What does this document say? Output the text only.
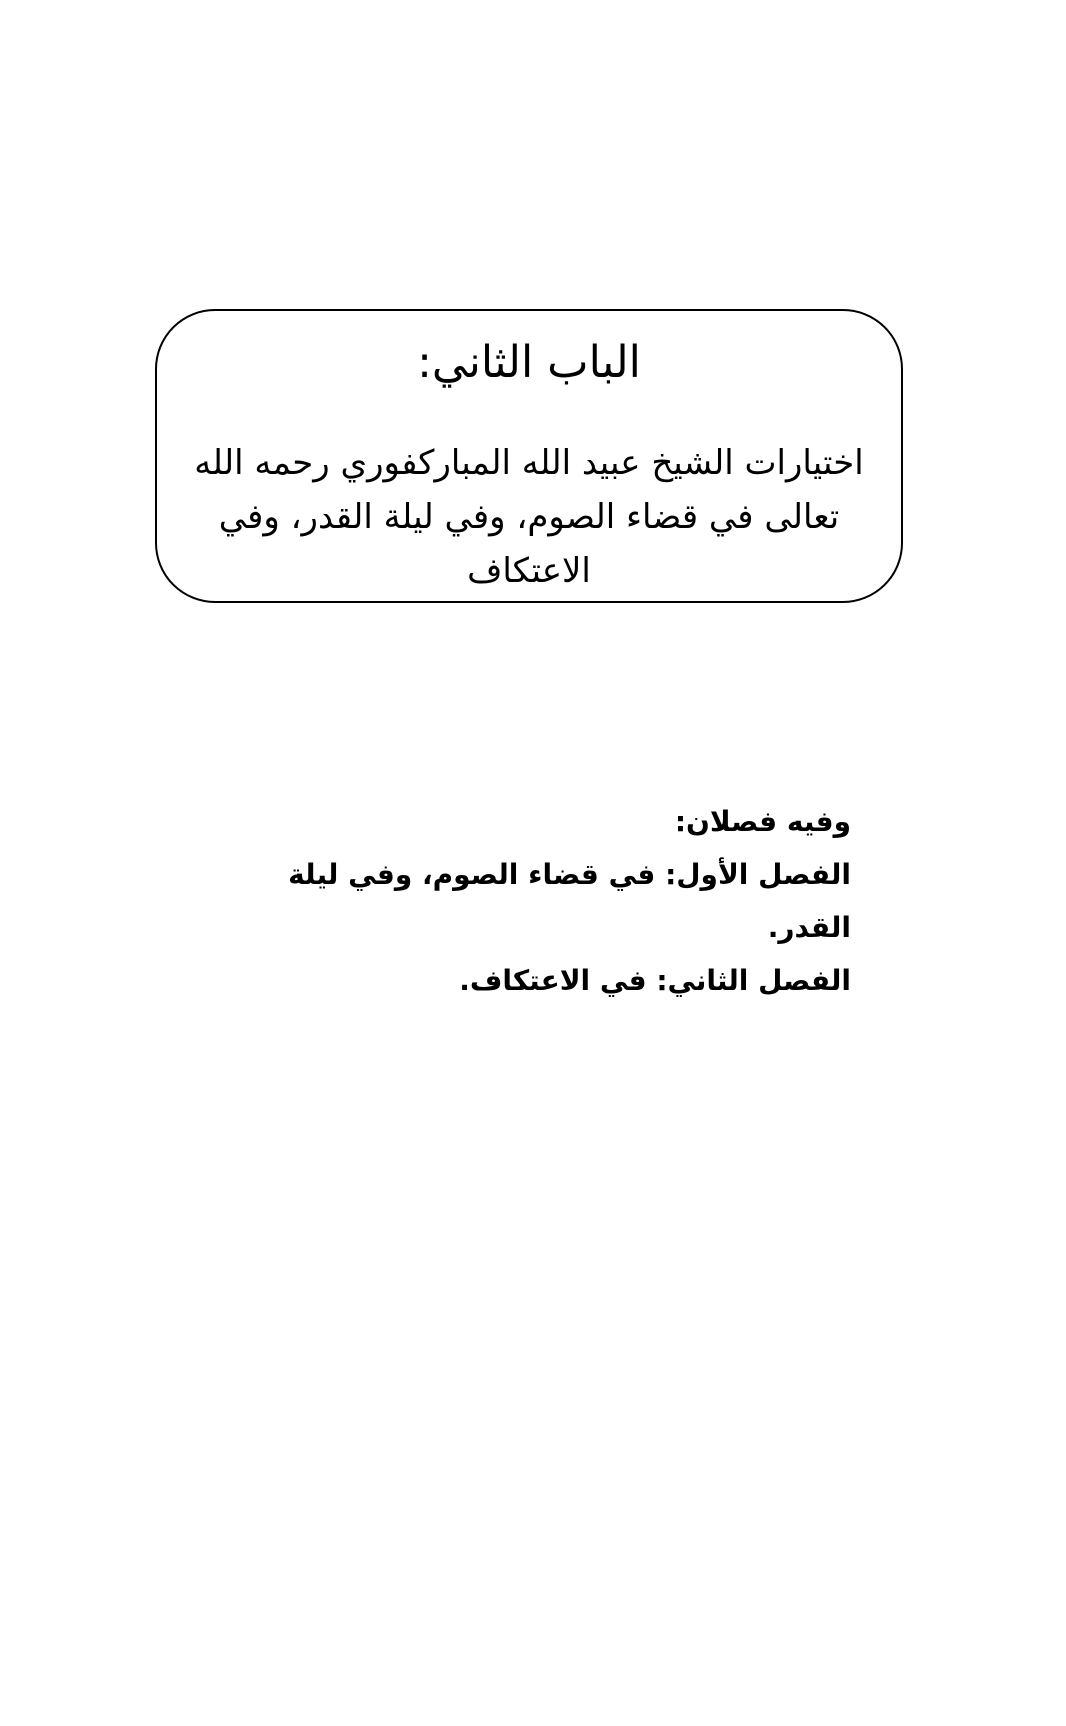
الباب الثاني:

اختيارات الشيخ عبيد الله المباركفوري رحمه الله تعالى في قضاء الصوم، وفي ليلة القدر، وفي الاعتكاف

وفيه فصلان:

الفصل الأول: في قضاء الصوم، وفي ليلة القدر.

الفصل الثاني: في الاعتكاف.
